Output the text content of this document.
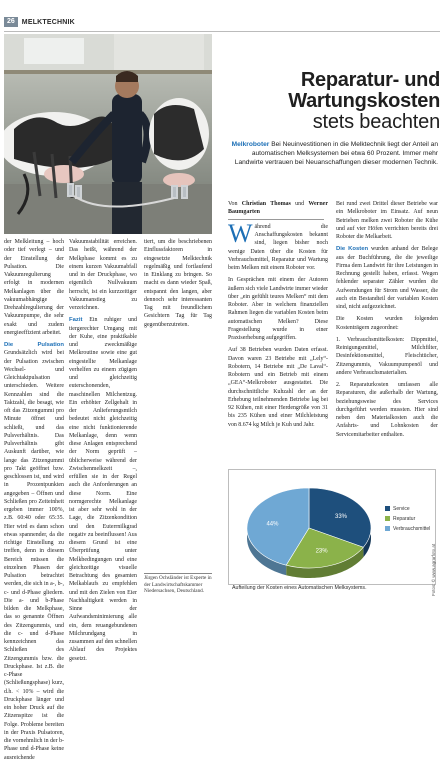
26	MELKTECHNIK
Reparatur- und
Wartungskosten
stets beachten
Melkroboter Bei Neuinvestitionen in die Melktechnik liegt der Anteil an automatischen Melksystemen bei etwa 60 Prozent. Immer mehr Landwirte vertrauen bei Neuanschaffungen dieser modernen Technik.

der Melkleitung – hoch oder tief verlegt – und der Einstellung der Pulsation. Die Vakuumregulierung erfolgt in modernen Melkanlagen über die vakuumabhängige Drehzahlregulierung der Vakuumpumpe, die sehr exakt und zudem energieeffizient arbeitet.

Die Pulsation Grundsätzlich wird bei der Pulsation zwischen Wechsel- und Gleichtaktpulsation unterschieden. Weitere Kennzahlen sind die Taktzahl, die besagt, wie oft das Zitzengummi pro Minute öffnet und schließt, und das Pulsverhältnis. Das Pulsverhältnis gibt Auskunft darüber, wie lange das Zitzengummi pro Takt geöffnet bzw. geschlossen ist, und wird in Prozentpunkten angegeben – Öffnen und Schließen pro Zeiteinheit ergeben immer 100%, z.B. 60:40 oder 65:35. Hier wird es dann schon etwas spannender, da die richtige Einstellung zu treffen, denn in diesem Bereich müssen die einzelnen Phasen der Pulsation betrachtet werden, die sich in a-, b-, c- und d-Phase gliedern. Die a- und b-Phase bilden die Melkphase, das so genannte Öffnen des Zitzengummis, und die c- und d-Phase kennzeichnen das Schließen des Zitzengummis bzw. die Druckphase. Ist z.B. die c-Phase (Schließungsphase) kurz, d.h. < 10% – wird die Druckphase länger und ein hoher Druck auf die Zitzenspitze ist die Folge. Probleme bereiten in der Praxis Pulsatoren, die vornehmlich in der b-Phase und d-Phase keine ausreichende

Vakuumstabilität erreichen. Das heißt, während der Melkphase kommt es zu einem kurzen Vakuumabfall und in der Druckphase, wo eigentlich Nullvakuum herrscht, ist ein kurzzeitiger Vakuumanstieg zu verzeichnen.

Fazit Ein ruhiger und tiergerechter Umgang mit der Kuhe, eine praktikable und zweckmäßige Melkroutine sowie eine gut eingestellte Melkanlage verhelfen zu einem zügigen und gleichzeitig euterschonenden, maschinellen Milchentzug. Ein erhöhter Zellgehalt in der Anlieferungsmilch bedeutet nicht gleichzeitig eine nicht funktionierende Melkanlage, denn wenn diese Anlagen entsprechend der Norm geprüft – üblicherweise während der Zwischenmelkzeit –, erfüllen sie in der Regel auch die Anforderungen an diese Norm. Eine normgerechte Melkanlage ist aber sehr wohl in der Lage, die Zitzenkondition und den Euterrnilkgrad negativ zu beeinflussen! Aus diesem Grund ist eine Überprüfung unter Melkbedingungen und eine gleichzeitige visuelle Betrachtung des gesamten Melkablaufs zu empfehlen und mit den Zielen von Eier Nachhaltigkeit werden in Sinne der Aufwandsminimierung alle ein, dem reuangebundenen Milchrundgang in zusammen auf den schnellen Ablauf des Projektes gesetzt.

tiert, um die beschriebenen Einflussfaktoren in eingesetzte Melktechnik regelmäßig und fortlaufend in Einklang zu bringen. So macht es dann wieder Spaß, entspannt den langen, aber dennoch sehr interessanten Tag mit freundlichem Gesichtern Tag für Tag gegenüberzutreten.

Jürgen Ochsländer ist Experte in der Landwirtschaftskammer Niedersachsen, Deutschland.
Von Christian Thomas und Werner Baumgarten

Während die Anschaffungskosten bekannt sind, liegen bisher noch wenige Daten über die Kosten für Verbrauchsmittel, Reparatur und Wartung beim Melken mit einem Roboter vor.

In Gesprächen mit einem der Autoren äußern sich viele Landwirte immer wieder über „ein gefühlt teures Melken“ mit dem Roboter. Aber in welchem finanziellen Rahmen liegen die variablen Kosten beim automatischen Melken? Diese Fragestellung wurde in einer Praxiserhebung aufgegriffen.

Auf 38 Betrieben wurden Daten erfasst. Davon waren 23 Betriebe mit „Lely“-Robotern, 14 Betriebe mit „De Laval“-Robotern und ein Betrieb mit einem „GEA“-Melkroboter ausgestattet. Die durchschnittliche Kuhzahl der an der Erhebung teilnehmenden Betriebe lag bei 92 Kühen, mit einer Herdengröße von 31 bis 235 Kühen und einer Milchleistung von 8.674 kg Milch je Kuh und Jahr.

Bei rund zwei Drittel dieser Betriebe war ein Melkroboter im Einsatz. Auf neun Betrieben melken zwei Roboter die Kühe und auf vier Höfen verrichten bereits drei Roboter die Melkarbeit.

Die Kosten wurden anhand der Belege aus der Buchführung, die die jeweilige Firma dem Landwirt für ihre Leistungen in Rechnung gestellt haben, erfasst. Wegen fehlender separater Zähler wurden die Aufwendungen für Strom und Wasser, die auch ein Bestandteil der variablen Kosten sind, nicht aufgezeichnet.

Die Kosten wurden folgenden Kostenträgern zugeordnet:

1. Verbrauchsmittelkosten: Dippmittel, Reinigungsmittel, Milchfilter, Desinfektionsmittel, Fleischtücher, Zitzengummis, Vakuumpumpenöl und andere Verbrauchsmaterialien.

2. Reparaturkosten umfassen alle Reparaturen, die außerhalb der Wartung, beziehungsweise des Services durchgeführt werden mussten. Hier sind neben den Materialkosten auch die Anfahrts- und Lohnkosten der Servicemitarbeiter enthalten.

33%
23%
44%
Service
Reparatur
Verbrauchsmittel
Aufteilung der Kosten eines Automatischen Melksystems.	Fotos: © www.agrarfoto.at
